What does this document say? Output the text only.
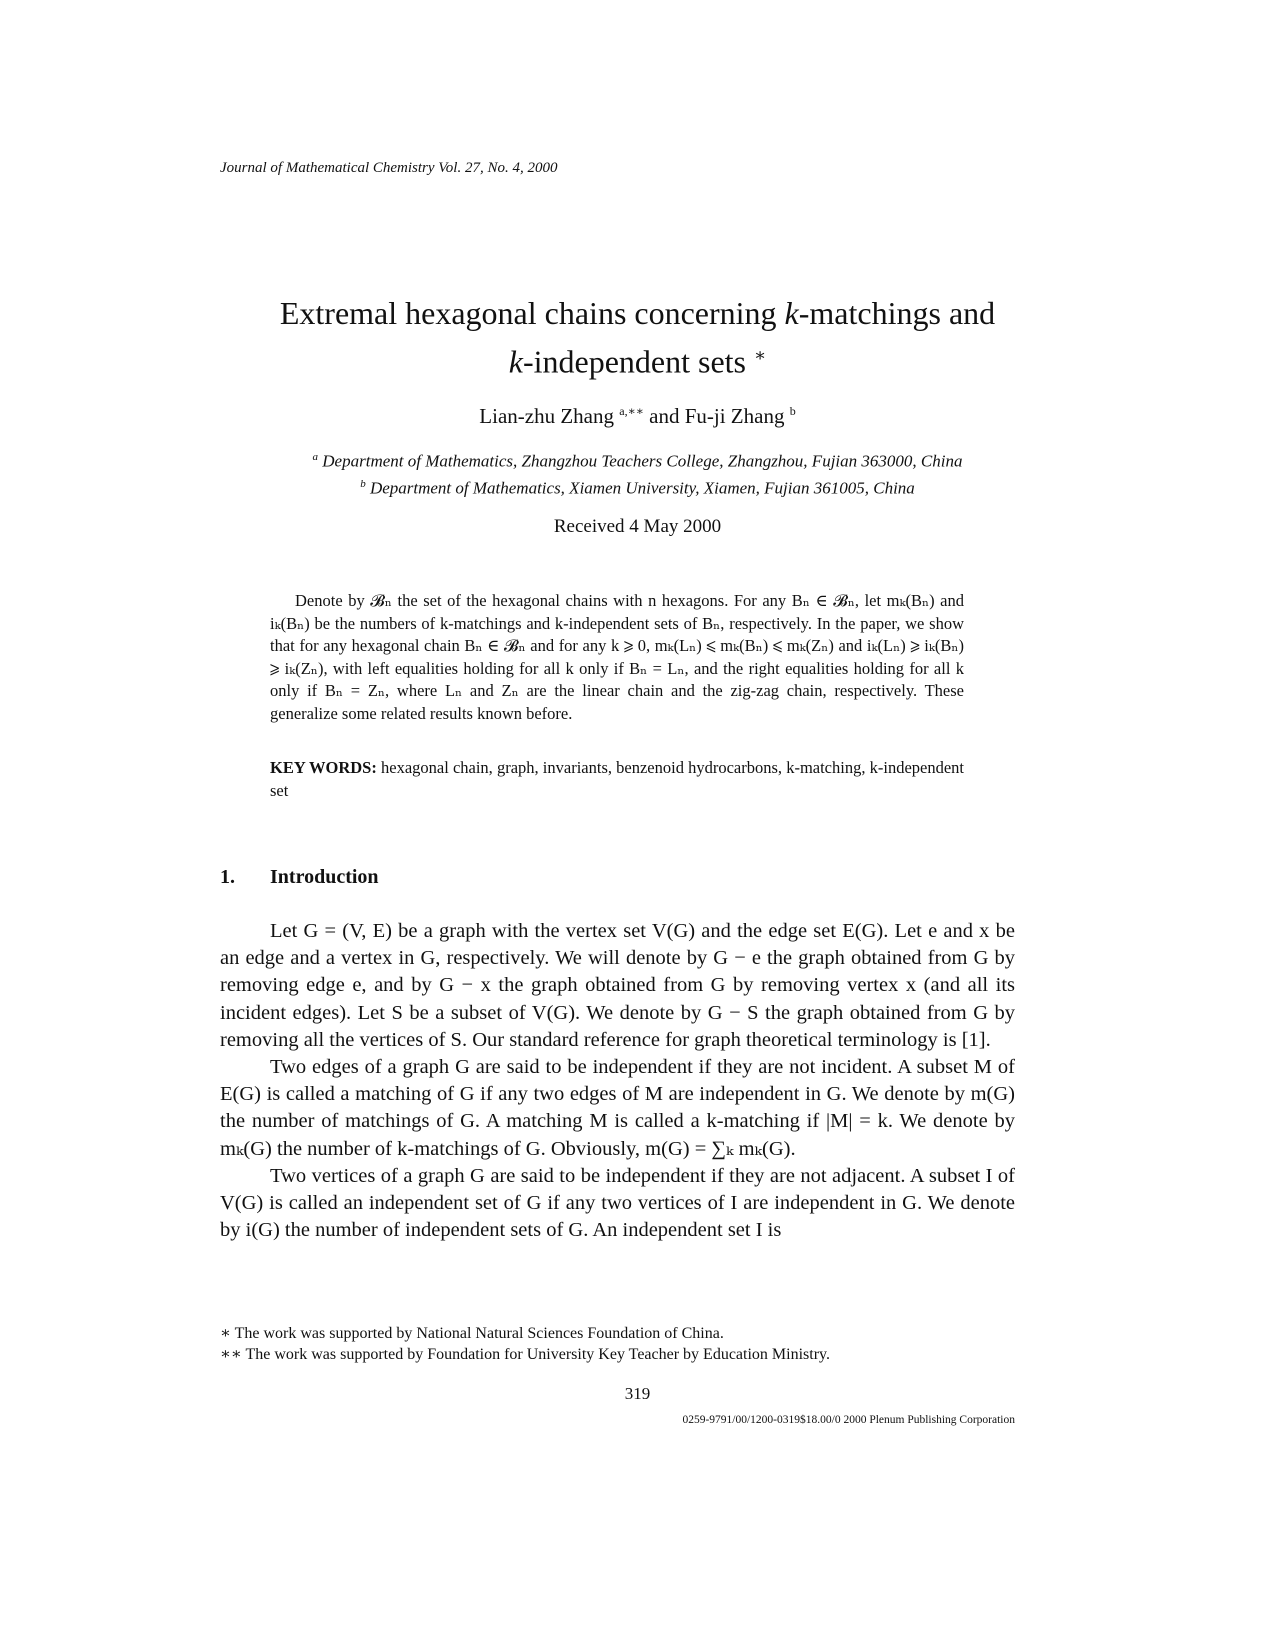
Journal of Mathematical Chemistry Vol. 27, No. 4, 2000
Extremal hexagonal chains concerning k-matchings and
k-independent sets ∗
Lian-zhu Zhang $^{a,∗∗}$ and Fu-ji Zhang $^b$
$^a$ Department of Mathematics, Zhangzhou Teachers College, Zhangzhou, Fujian 363000, China
$^b$ Department of Mathematics, Xiamen University, Xiamen, Fujian 361005, China
Received 4 May 2000

Denote by 𝓑ₙ the set of the hexagonal chains with n hexagons. For any Bₙ ∈ 𝓑ₙ, let mₖ(Bₙ) and iₖ(Bₙ) be the numbers of k-matchings and k-independent sets of Bₙ, respectively. In the paper, we show that for any hexagonal chain Bₙ ∈ 𝓑ₙ and for any k ⩾ 0, mₖ(Lₙ) ⩽ mₖ(Bₙ) ⩽ mₖ(Zₙ) and iₖ(Lₙ) ⩾ iₖ(Bₙ) ⩾ iₖ(Zₙ), with left equalities holding for all k only if Bₙ = Lₙ, and the right equalities holding for all k only if Bₙ = Zₙ, where Lₙ and Zₙ are the linear chain and the zig-zag chain, respectively. These generalize some related results known before.

KEY WORDS: hexagonal chain, graph, invariants, benzenoid hydrocarbons, k-matching, k-independent set
1. Introduction

Let G = (V, E) be a graph with the vertex set V(G) and the edge set E(G). Let e and x be an edge and a vertex in G, respectively. We will denote by G − e the graph obtained from G by removing edge e, and by G − x the graph obtained from G by removing vertex x (and all its incident edges). Let S be a subset of V(G). We denote by G − S the graph obtained from G by removing all the vertices of S. Our standard reference for graph theoretical terminology is [1].

Two edges of a graph G are said to be independent if they are not incident. A subset M of E(G) is called a matching of G if any two edges of M are independent in G. We denote by m(G) the number of matchings of G. A matching M is called a k-matching if |M| = k. We denote by mₖ(G) the number of k-matchings of G. Obviously, m(G) = ∑ₖ mₖ(G).

Two vertices of a graph G are said to be independent if they are not adjacent. A subset I of V(G) is called an independent set of G if any two vertices of I are independent in G. We denote by i(G) the number of independent sets of G. An independent set I is

∗ The work was supported by National Natural Sciences Foundation of China.
∗∗ The work was supported by Foundation for University Key Teacher by Education Ministry.
319
0259-9791/00/1200-0319$18.00/0 2000 Plenum Publishing Corporation
